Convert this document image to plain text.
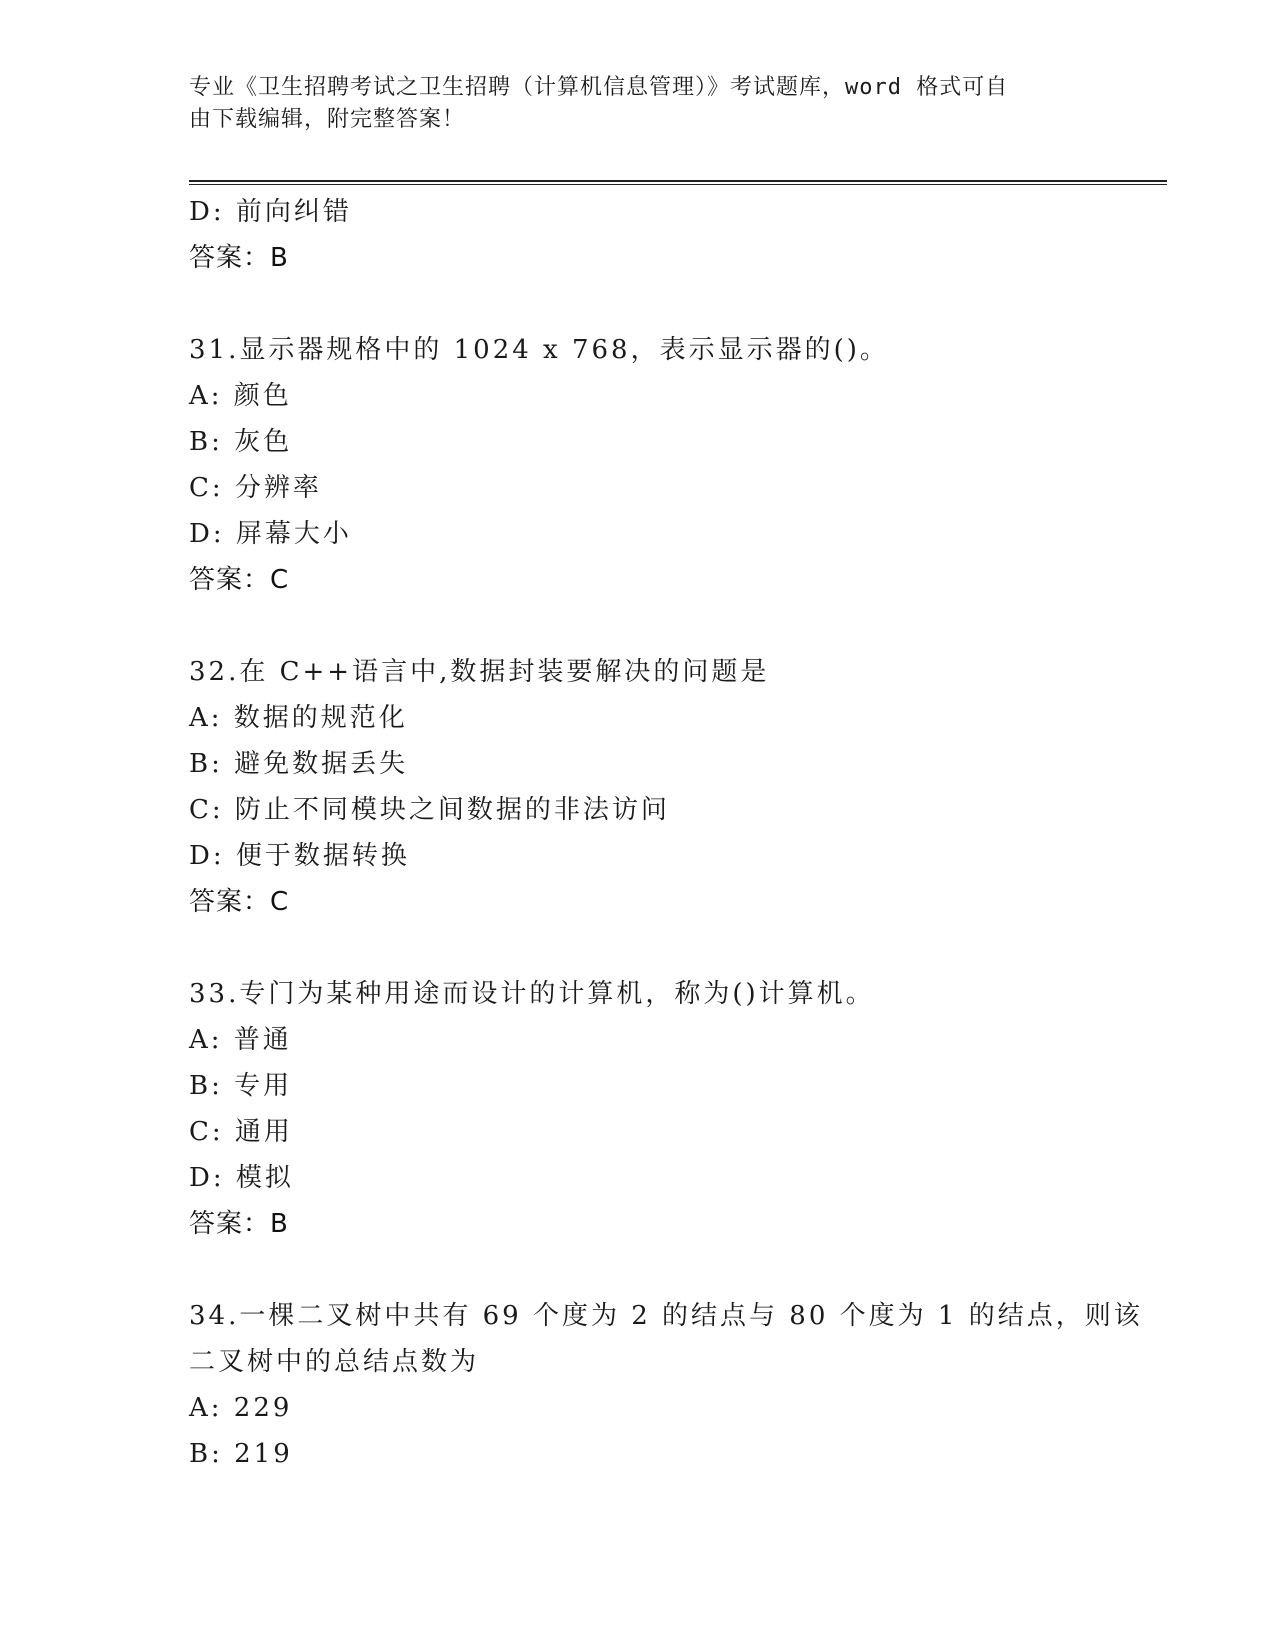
专业《卫生招聘考试之卫生招聘（计算机信息管理）》考试题库，word 格式可自
由下载编辑，附完整答案！
D: 前向纠错
答案：B
31.显示器规格中的 1024 x 768，表示显示器的()。
A: 颜色
B: 灰色
C: 分辨率
D: 屏幕大小
答案：C
32.在 C++语言中,数据封装要解决的问题是
A: 数据的规范化
B: 避免数据丢失
C: 防止不同模块之间数据的非法访问
D: 便于数据转换
答案：C
33.专门为某种用途而设计的计算机，称为()计算机。
A: 普通
B: 专用
C: 通用
D: 模拟
答案：B
34.一棵二叉树中共有 69 个度为 2 的结点与 80 个度为 1 的结点，则该
二叉树中的总结点数为
A: 229
B: 219
